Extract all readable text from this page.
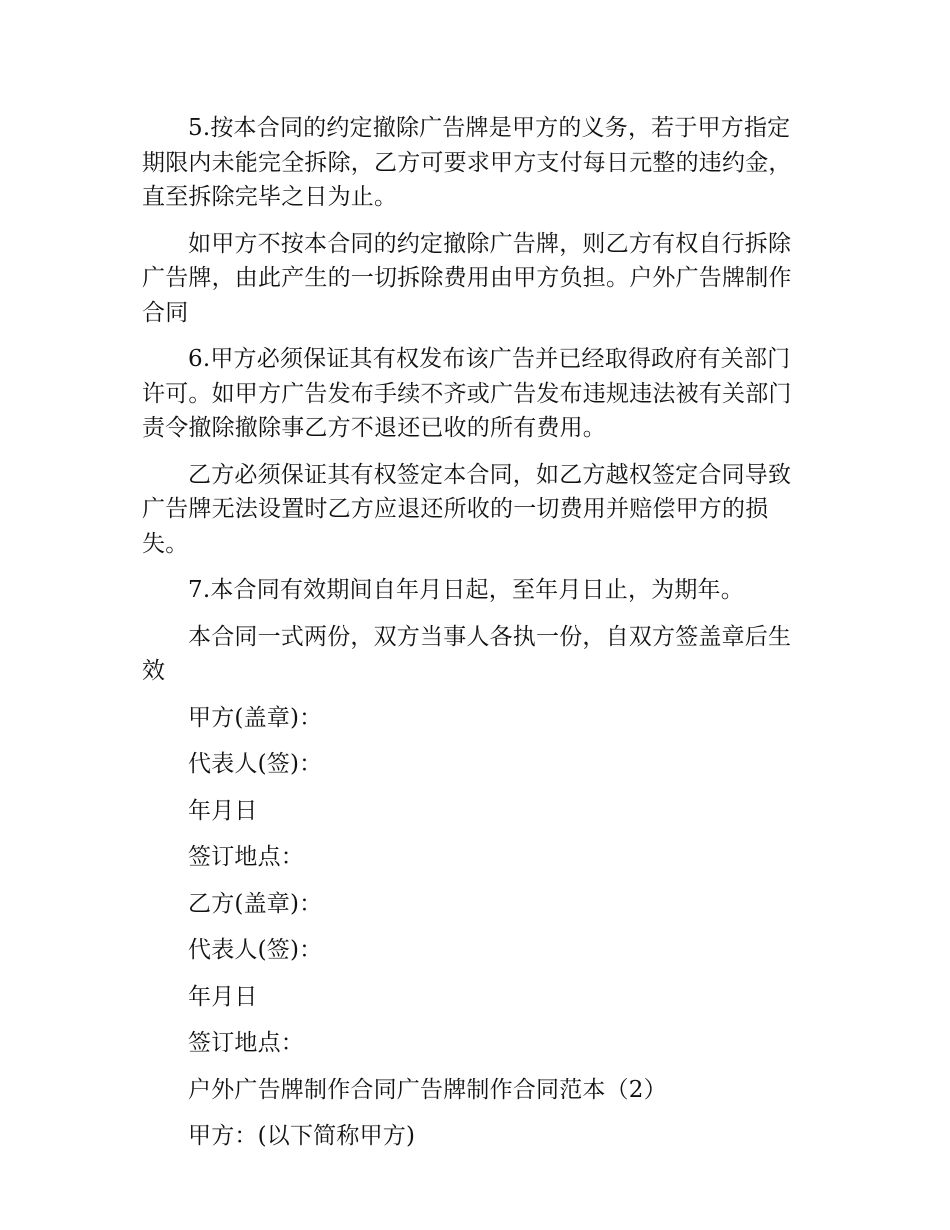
5.按本合同的约定撤除广告牌是甲方的义务，若于甲方指定期限内未能完全拆除，乙方可要求甲方支付每日元整的违约金，直至拆除完毕之日为止。

如甲方不按本合同的约定撤除广告牌，则乙方有权自行拆除广告牌，由此产生的一切拆除费用由甲方负担。户外广告牌制作合同

6.甲方必须保证其有权发布该广告并已经取得政府有关部门许可。如甲方广告发布手续不齐或广告发布违规违法被有关部门责令撤除撤除事乙方不退还已收的所有费用。

乙方必须保证其有权签定本合同，如乙方越权签定合同导致广告牌无法设置时乙方应退还所收的一切费用并赔偿甲方的损失。

7.本合同有效期间自年月日起，至年月日止，为期年。

本合同一式两份，双方当事人各执一份，自双方签盖章后生效

甲方(盖章)：

代表人(签)：

年月日

签订地点：

乙方(盖章)：

代表人(签)：

年月日

签订地点：

户外广告牌制作合同广告牌制作合同范本（2）

甲方：(以下简称甲方)
